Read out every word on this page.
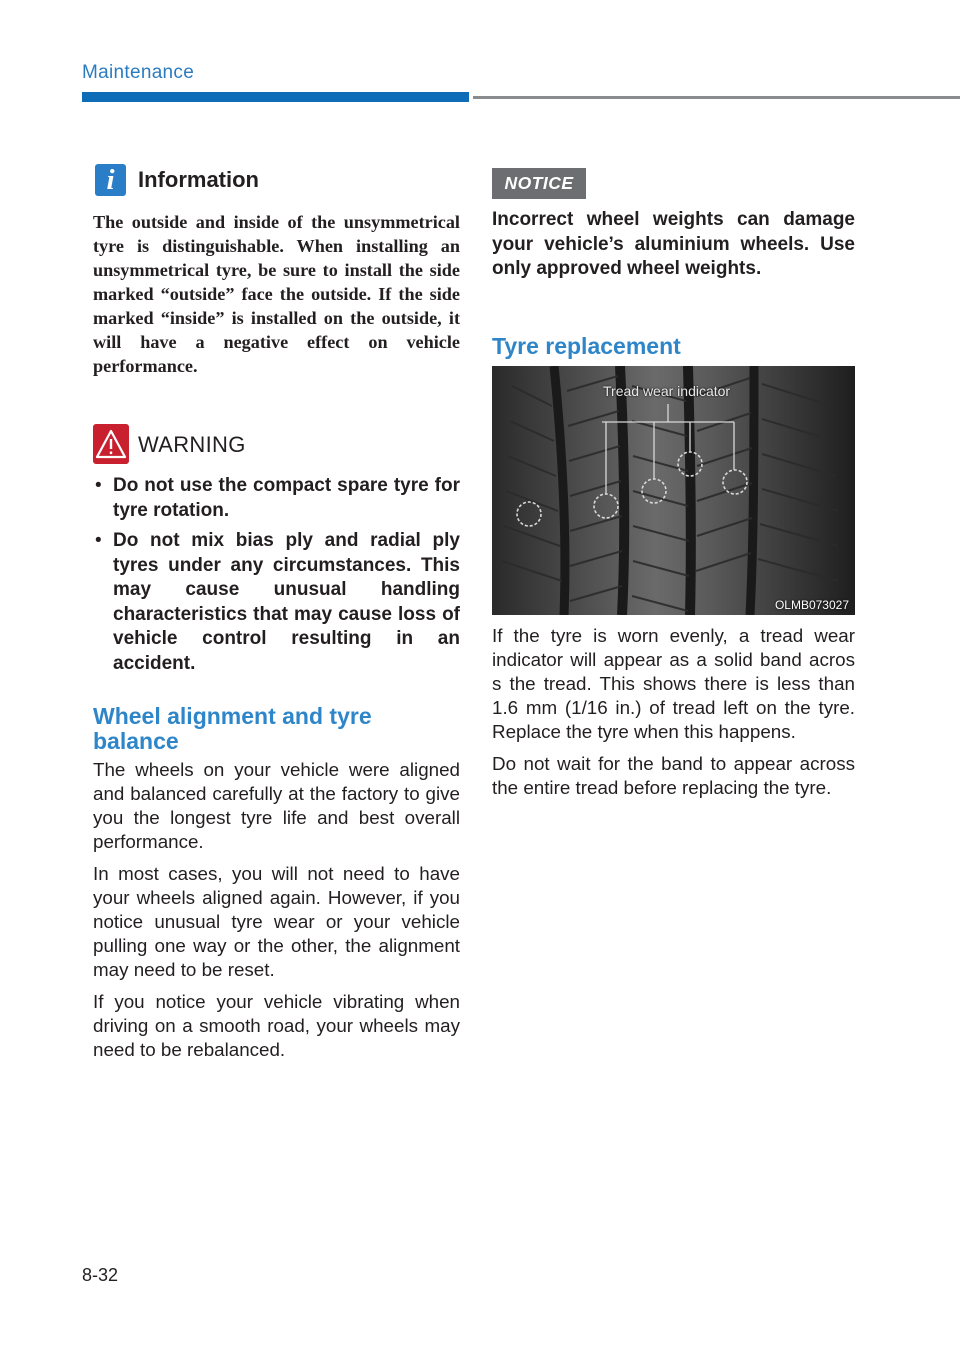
Maintenance
i	Information
The outside and inside of the unsymmetrical tyre is distinguishable. When installing an unsymmetrical tyre, be sure to install the side marked “outside” face the outside. If the side marked “inside” is installed on the outside, it will have a negative effect on vehicle performance.
WARNING
• Do not use the compact spare tyre for tyre rotation.
• Do not mix bias ply and radial ply tyres under any circumstances. This may cause unusual handling characteristics that may cause loss of vehicle control resulting in an accident.
Wheel alignment and tyre balance

The wheels on your vehicle were aligned and balanced carefully at the factory to give you the longest tyre life and best overall performance.

In most cases, you will not need to have your wheels aligned again. However, if you notice unusual tyre wear or your vehicle pulling one way or the other, the alignment may need to be reset.

If you notice your vehicle vibrating when driving on a smooth road, your wheels may need to be rebalanced.

NOTICE
Incorrect wheel weights can damage your vehicle’s aluminium wheels. Use only approved wheel weights.
Tyre replacement
Tread wear indicator
OLMB073027

If the tyre is worn evenly, a tread wear indicator will appear as a solid band acros s the tread. This shows there is less than 1.6 mm (1/16 in.) of tread left on the tyre. Replace the tyre when this happens.

Do not wait for the band to appear across the entire tread before replacing the tyre.

8-32
